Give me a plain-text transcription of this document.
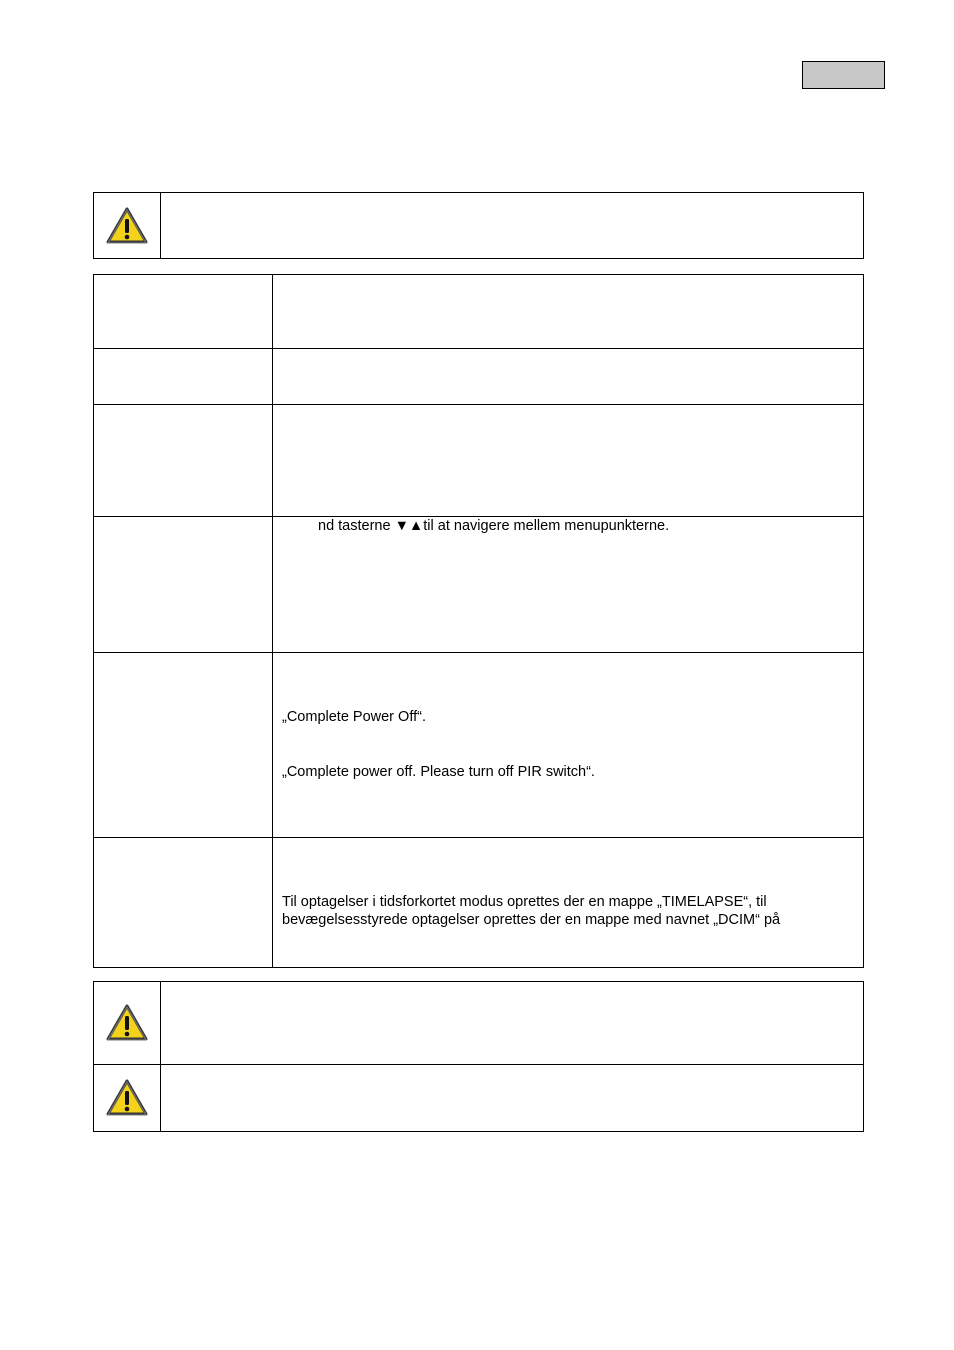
	nd tasterne ▼▲til at navigere mellem menupunkterne.

	„Complete Power Off“.
„Complete power off. Please turn off PIR switch“.

	Til optagelser i tidsforkortet modus oprettes der en mappe „TIMELAPSE“, til
bevægelsesstyrede optagelser oprettes der en mappe med navnet „DCIM“ på
